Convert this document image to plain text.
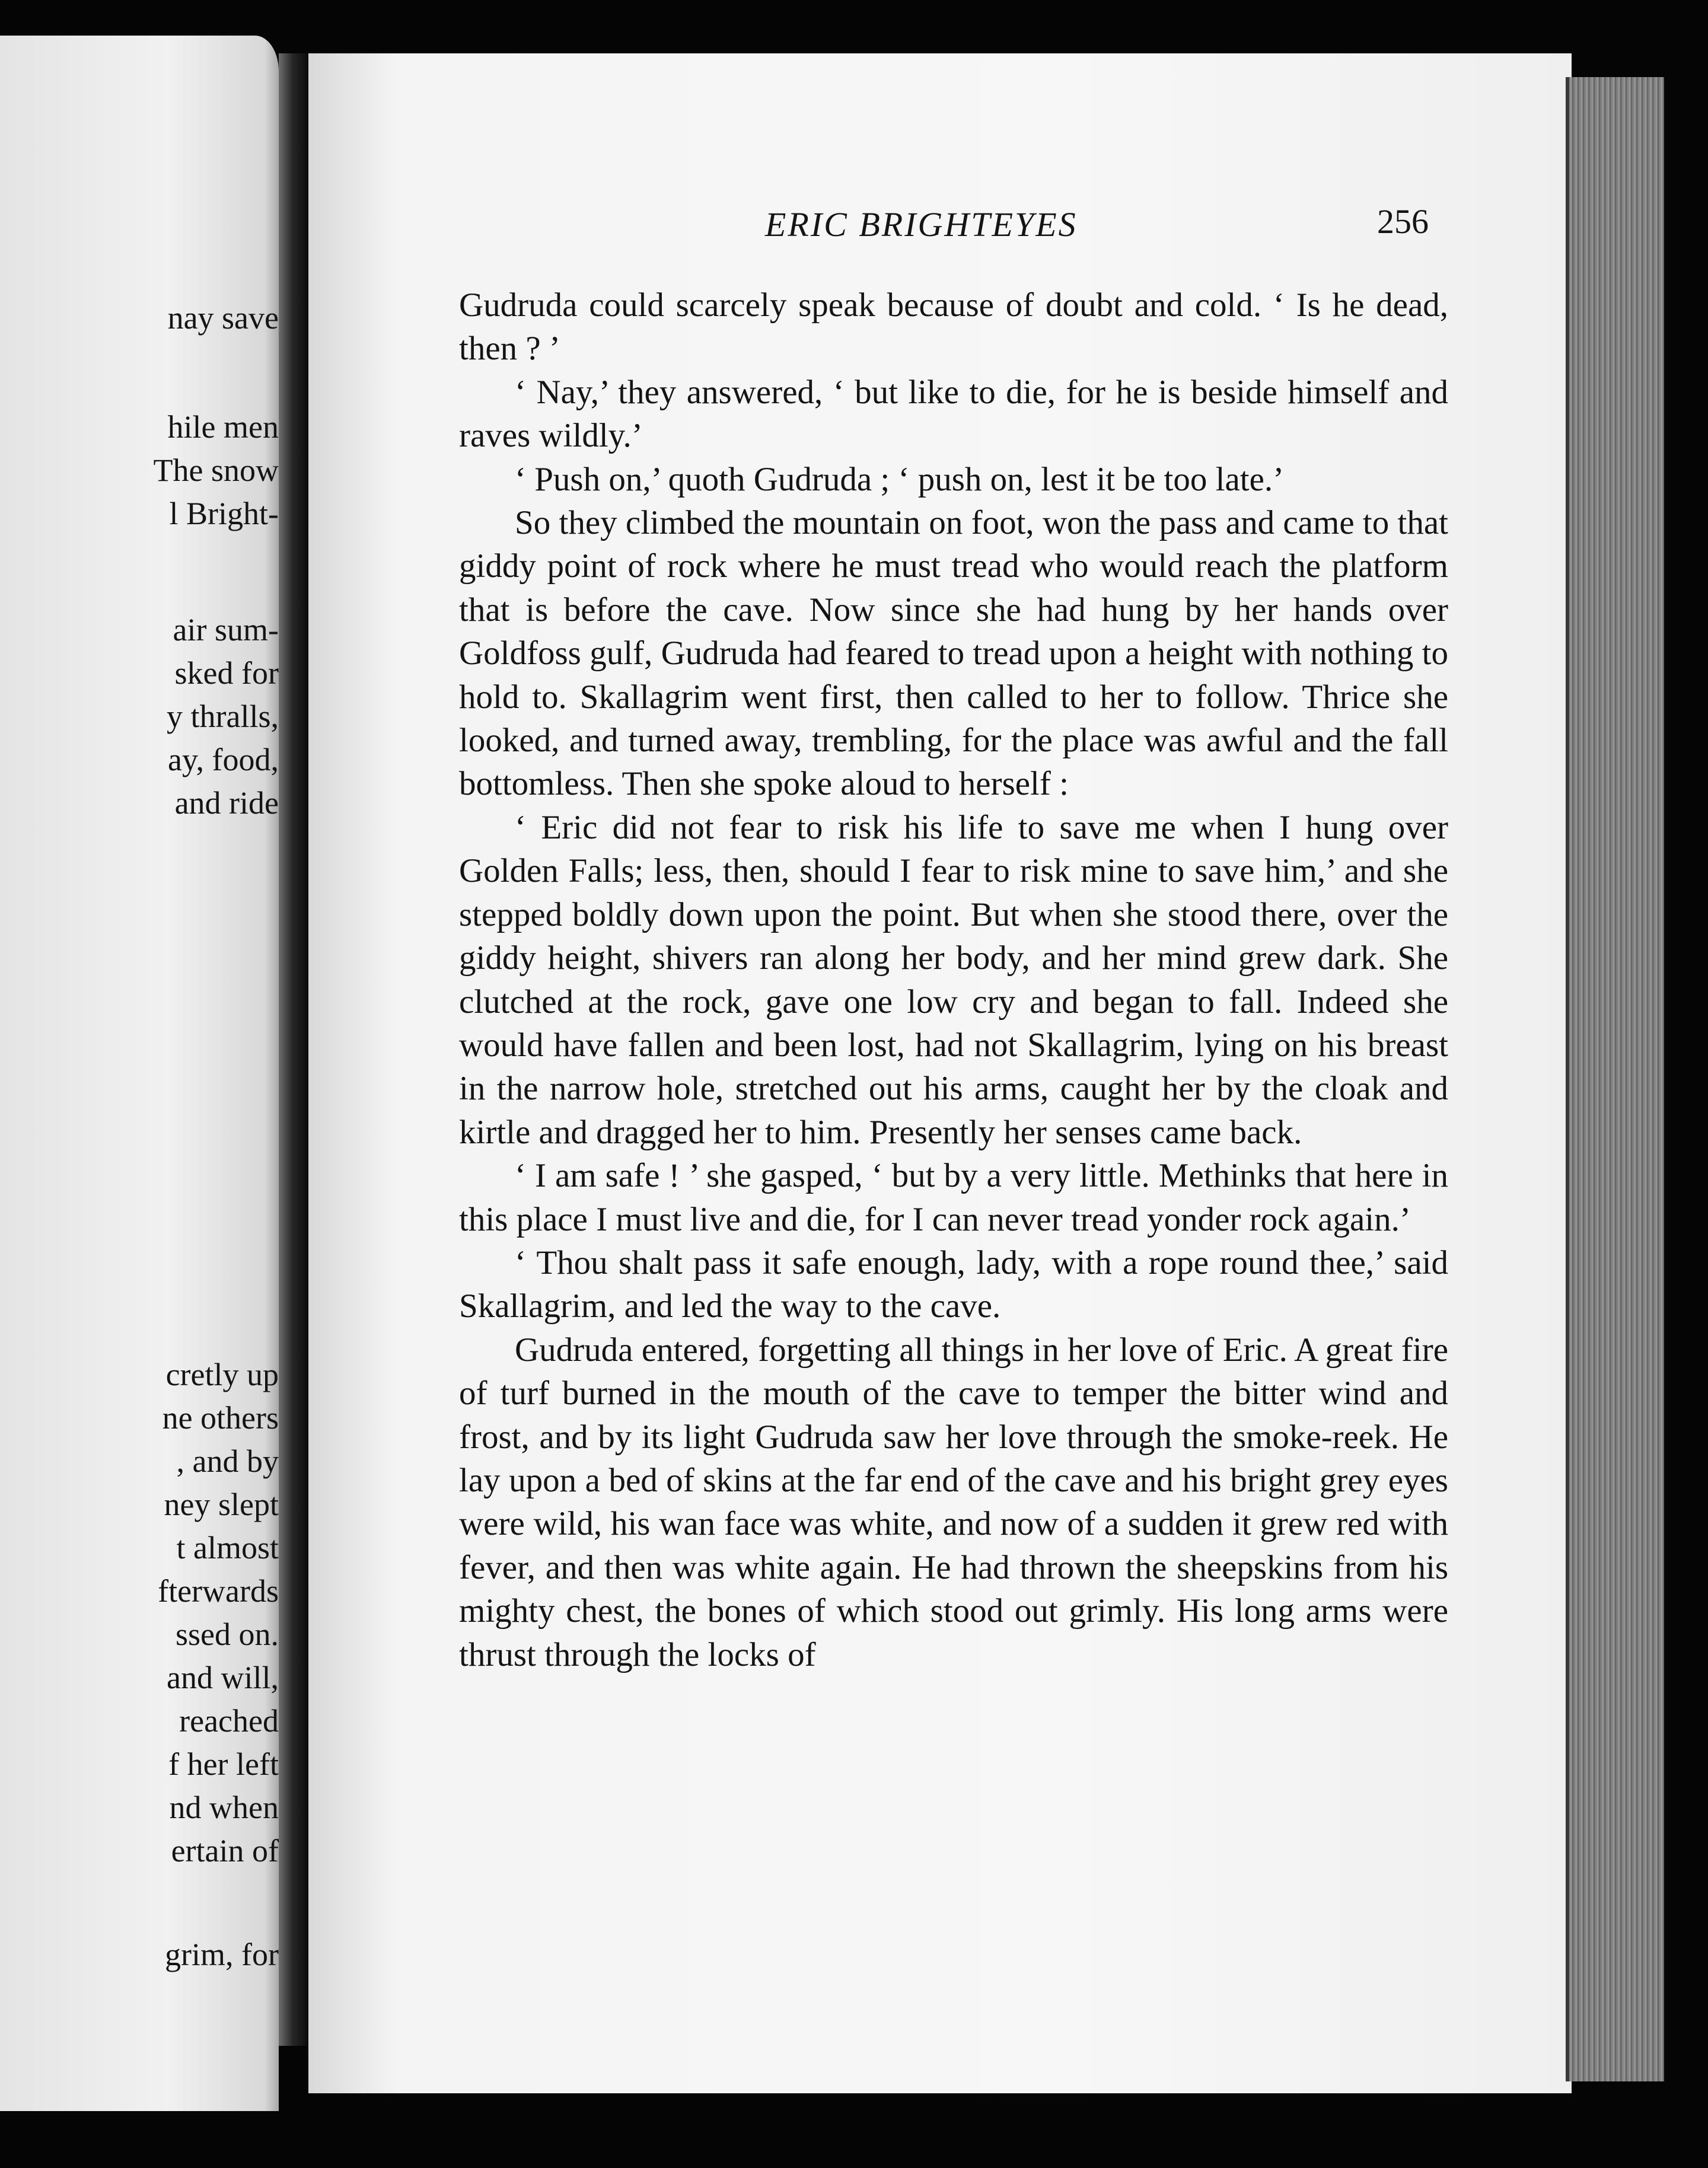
nay save
hile men
The snow
l Bright-
air sum-
sked for
y thralls,
ay, food,
and ride
cretly up
ne others
, and by
ney slept
t almost
fterwards
ssed on.
and will,
reached
f her left
nd when
ertain of
grim, for
ERIC BRIGHTEYES	256

Gudruda could scarcely speak because of doubt and cold. ‘ Is he dead, then ? ’

‘ Nay,’ they answered, ‘ but like to die, for he is beside himself and raves wildly.’

‘ Push on,’ quoth Gudruda ; ‘ push on, lest it be too late.’

So they climbed the mountain on foot, won the pass and came to that giddy point of rock where he must tread who would reach the platform that is before the cave. Now since she had hung by her hands over Goldfoss gulf, Gudruda had feared to tread upon a height with nothing to hold to. Skallagrim went first, then called to her to follow. Thrice she looked, and turned away, trembling, for the place was awful and the fall bottomless. Then she spoke aloud to herself :

‘ Eric did not fear to risk his life to save me when I hung over Golden Falls; less, then, should I fear to risk mine to save him,’ and she stepped boldly down upon the point. But when she stood there, over the giddy height, shivers ran along her body, and her mind grew dark. She clutched at the rock, gave one low cry and began to fall. Indeed she would have fallen and been lost, had not Skallagrim, lying on his breast in the narrow hole, stretched out his arms, caught her by the cloak and kirtle and dragged her to him. Presently her senses came back.

‘ I am safe ! ’ she gasped, ‘ but by a very little. Methinks that here in this place I must live and die, for I can never tread yonder rock again.’

‘ Thou shalt pass it safe enough, lady, with a rope round thee,’ said Skallagrim, and led the way to the cave.

Gudruda entered, forgetting all things in her love of Eric. A great fire of turf burned in the mouth of the cave to temper the bitter wind and frost, and by its light Gudruda saw her love through the smoke-reek. He lay upon a bed of skins at the far end of the cave and his bright grey eyes were wild, his wan face was white, and now of a sudden it grew red with fever, and then was white again. He had thrown the sheepskins from his mighty chest, the bones of which stood out grimly. His long arms were thrust through the locks of
